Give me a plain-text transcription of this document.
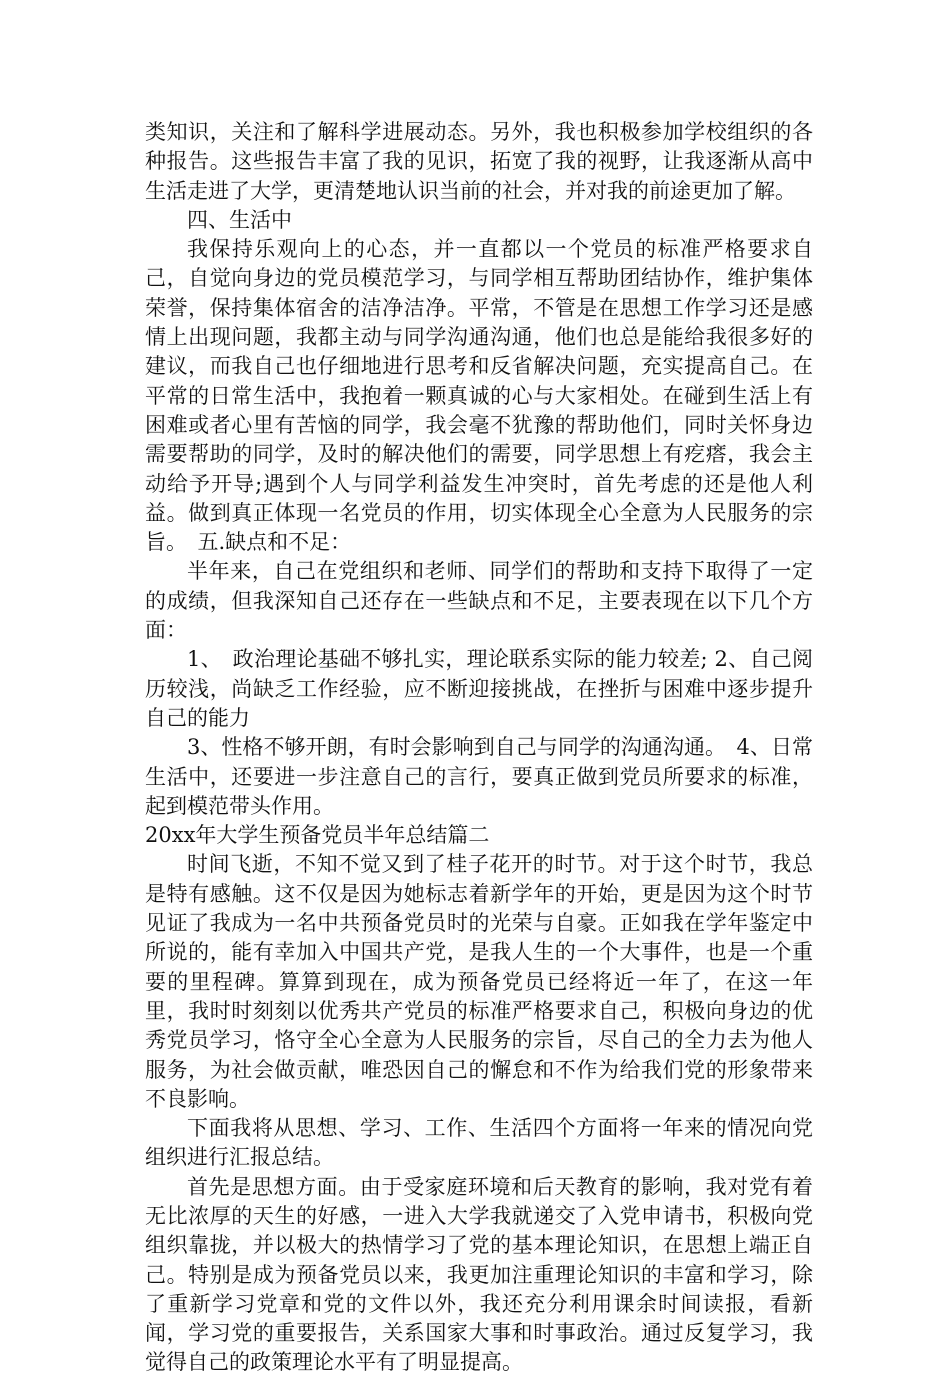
类知识，关注和了解科学进展动态。另外，我也积极参加学校组织的各种报告。这些报告丰富了我的见识，拓宽了我的视野，让我逐渐从高中生活走进了大学，更清楚地认识当前的社会，并对我的前途更加了解。

四、生活中

我保持乐观向上的心态，并一直都以一个党员的标准严格要求自己，自觉向身边的党员模范学习，与同学相互帮助团结协作，维护集体荣誉，保持集体宿舍的洁净洁净。平常，不管是在思想工作学习还是感情上出现问题，我都主动与同学沟通沟通，他们也总是能给我很多好的建议，而我自己也仔细地进行思考和反省解决问题，充实提高自己。在平常的日常生活中，我抱着一颗真诚的心与大家相处。在碰到生活上有困难或者心里有苦恼的同学，我会毫不犹豫的帮助他们，同时关怀身边需要帮助的同学，及时的解决他们的需要，同学思想上有疙瘩，我会主动给予开导;遇到个人与同学利益发生冲突时，首先考虑的还是他人利益。做到真正体现一名党员的作用，切实体现全心全意为人民服务的宗旨。　五.缺点和不足：

半年来，自己在党组织和老师、同学们的帮助和支持下取得了一定的成绩，但我深知自己还存在一些缺点和不足，主要表现在以下几个方面：

1、　政治理论基础不够扎实，理论联系实际的能力较差; 2、自己阅历较浅，尚缺乏工作经验，应不断迎接挑战，在挫折与困难中逐步提升自己的能力

3、性格不够开朗，有时会影响到自己与同学的沟通沟通。　4、日常生活中，还要进一步注意自己的言行，要真正做到党员所要求的标准，起到模范带头作用。

20xx年大学生预备党员半年总结篇二

时间飞逝，不知不觉又到了桂子花开的时节。对于这个时节，我总是特有感触。这不仅是因为她标志着新学年的开始，更是因为这个时节见证了我成为一名中共预备党员时的光荣与自豪。正如我在学年鉴定中所说的，能有幸加入中国共产党，是我人生的一个大事件，也是一个重要的里程碑。算算到现在，成为预备党员已经将近一年了，在这一年里，我时时刻刻以优秀共产党员的标准严格要求自己，积极向身边的优秀党员学习，恪守全心全意为人民服务的宗旨，尽自己的全力去为他人服务，为社会做贡献，唯恐因自己的懈怠和不作为给我们党的形象带来不良影响。

下面我将从思想、学习、工作、生活四个方面将一年来的情况向党组织进行汇报总结。

首先是思想方面。由于受家庭环境和后天教育的影响，我对党有着无比浓厚的天生的好感，一进入大学我就递交了入党申请书，积极向党组织靠拢，并以极大的热情学习了党的基本理论知识，在思想上端正自己。特别是成为预备党员以来，我更加注重理论知识的丰富和学习，除了重新学习党章和党的文件以外，我还充分利用课余时间读报，看新闻，学习党的重要报告，关系国家大事和时事政治。通过反复学习，我觉得自己的政策理论水平有了明显提高。
